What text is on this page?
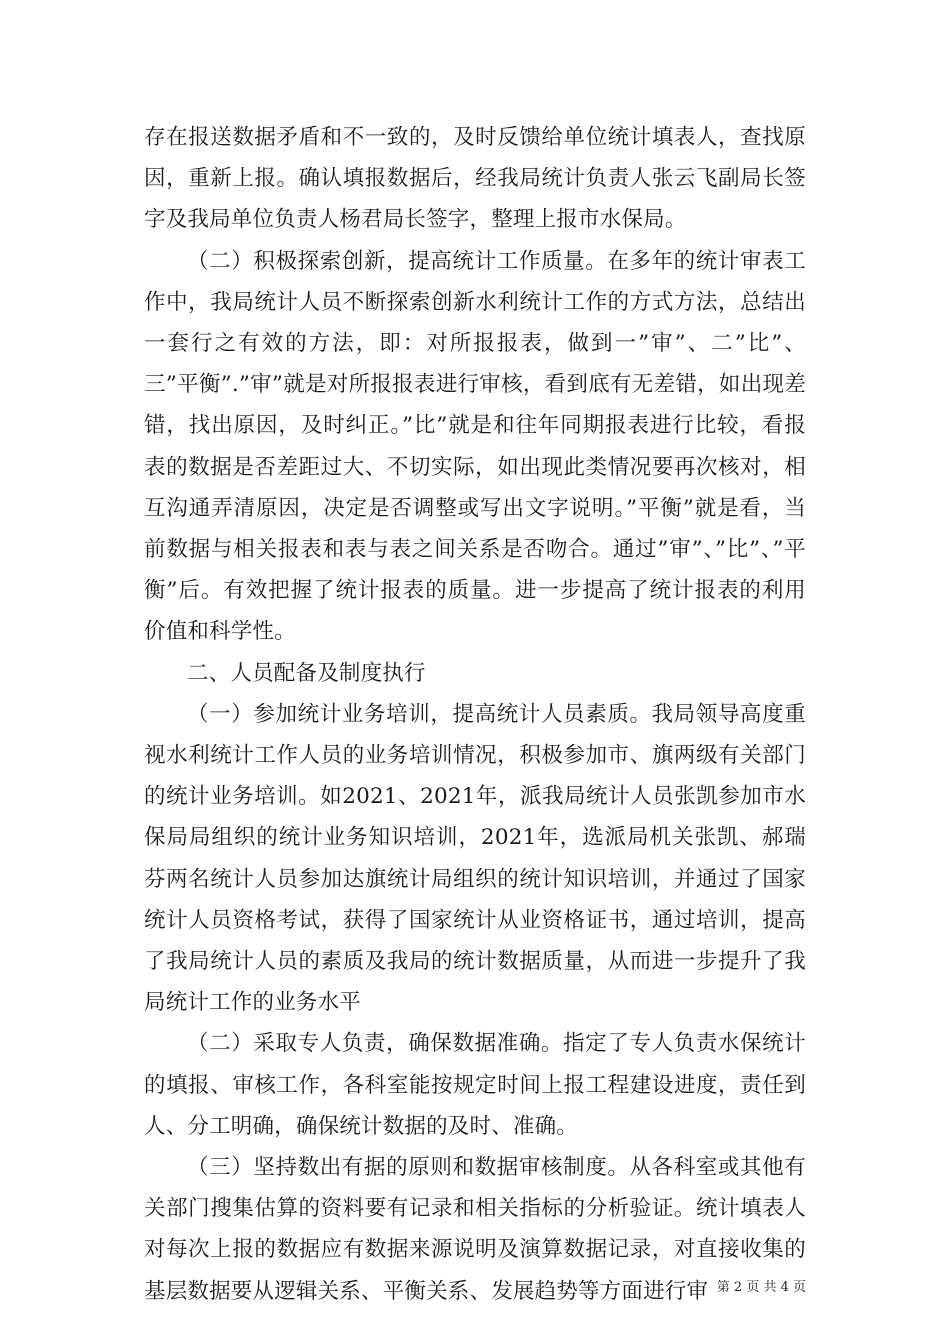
存在报送数据矛盾和不一致的，及时反馈给单位统计填表人，查找原因，重新上报。确认填报数据后，经我局统计负责人张云飞副局长签字及我局单位负责人杨君局长签字，整理上报市水保局。

（二）积极探索创新，提高统计工作质量。在多年的统计审表工作中，我局统计人员不断探索创新水利统计工作的方式方法，总结出一套行之有效的方法，即：对所报报表，做到一”审”、二”比”、三”平衡”.”审”就是对所报报表进行审核，看到底有无差错，如出现差错，找出原因，及时纠正。”比”就是和往年同期报表进行比较，看报表的数据是否差距过大、不切实际，如出现此类情况要再次核对，相互沟通弄清原因，决定是否调整或写出文字说明。”平衡”就是看，当前数据与相关报表和表与表之间关系是否吻合。通过”审”、”比”、”平衡”后。有效把握了统计报表的质量。进一步提高了统计报表的利用价值和科学性。

二、人员配备及制度执行

（一）参加统计业务培训，提高统计人员素质。我局领导高度重视水利统计工作人员的业务培训情况，积极参加市、旗两级有关部门的统计业务培训。如2021、2021年，派我局统计人员张凯参加市水保局局组织的统计业务知识培训，2021年，选派局机关张凯、郝瑞芬两名统计人员参加达旗统计局组织的统计知识培训，并通过了国家统计人员资格考试，获得了国家统计从业资格证书，通过培训，提高了我局统计人员的素质及我局的统计数据质量，从而进一步提升了我局统计工作的业务水平

（二）采取专人负责，确保数据准确。指定了专人负责水保统计的填报、审核工作，各科室能按规定时间上报工程建设进度，责任到人、分工明确，确保统计数据的及时、准确。

（三）坚持数出有据的原则和数据审核制度。从各科室或其他有关部门搜集估算的资料要有记录和相关指标的分析验证。统计填表人对每次上报的数据应有数据来源说明及演算数据记录，对直接收集的基层数据要从逻辑关系、平衡关系、发展趋势等方面进行审 第 2 页 共 4 页
